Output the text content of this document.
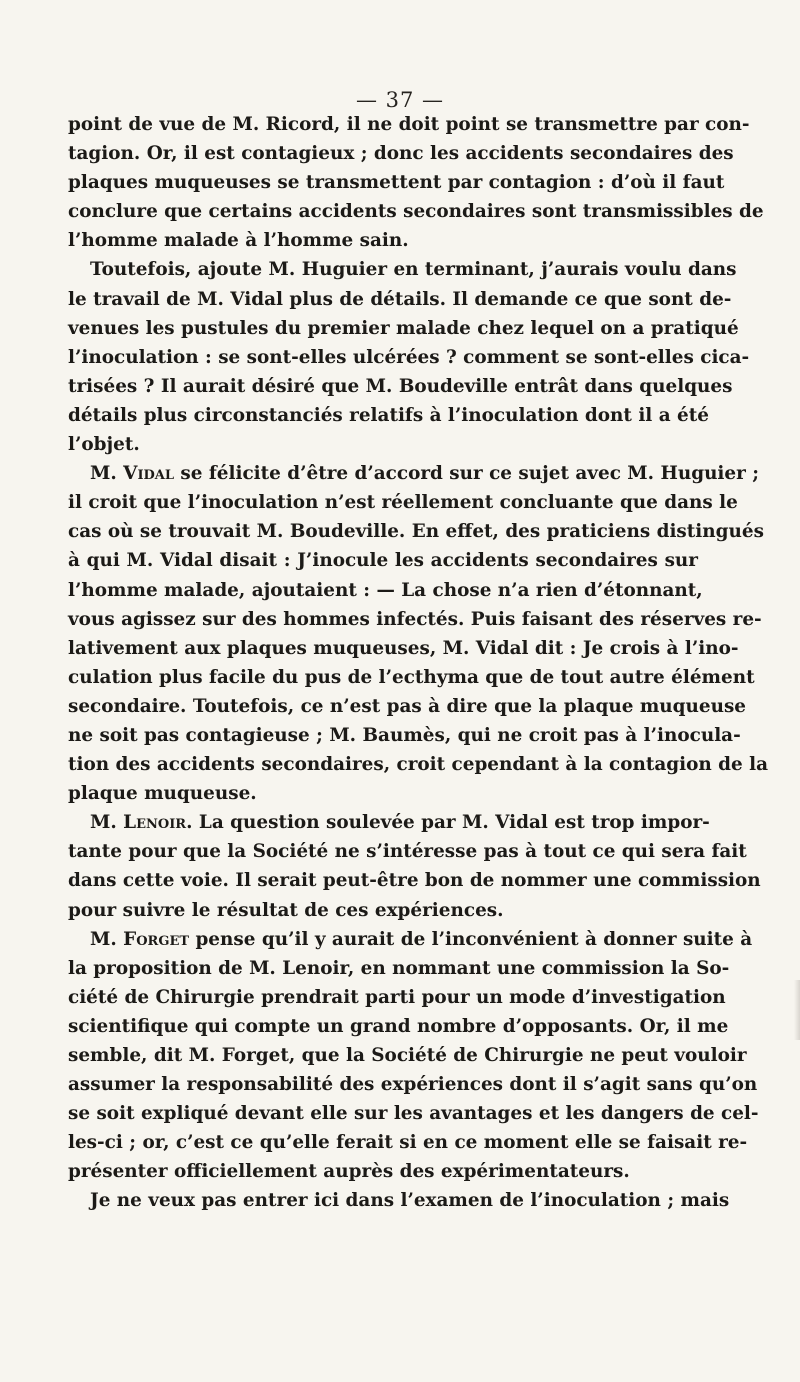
— 37 —
point de vue de M. Ricord, il ne doit point se transmettre par con-
tagion. Or, il est contagieux ; donc les accidents secondaires des
plaques muqueuses se transmettent par contagion : d’où il faut
conclure que certains accidents secondaires sont transmissibles de
l’homme malade à l’homme sain.
Toutefois, ajoute M. Huguier en terminant, j’aurais voulu dans
le travail de M. Vidal plus de détails. Il demande ce que sont de-
venues les pustules du premier malade chez lequel on a pratiqué
l’inoculation : se sont-elles ulcérées ? comment se sont-elles cica-
trisées ? Il aurait désiré que M. Boudeville entrât dans quelques
détails plus circonstanciés relatifs à l’inoculation dont il a été
l’objet.
M. Vidal se félicite d’être d’accord sur ce sujet avec M. Huguier ;
il croit que l’inoculation n’est réellement concluante que dans le
cas où se trouvait M. Boudeville. En effet, des praticiens distingués
à qui M. Vidal disait : J’inocule les accidents secondaires sur
l’homme malade, ajoutaient : — La chose n’a rien d’étonnant,
vous agissez sur des hommes infectés. Puis faisant des réserves re-
lativement aux plaques muqueuses, M. Vidal dit : Je crois à l’ino-
culation plus facile du pus de l’ecthyma que de tout autre élément
secondaire. Toutefois, ce n’est pas à dire que la plaque muqueuse
ne soit pas contagieuse ; M. Baumès, qui ne croit pas à l’inocula-
tion des accidents secondaires, croit cependant à la contagion de la
plaque muqueuse.
M. Lenoir. La question soulevée par M. Vidal est trop impor-
tante pour que la Société ne s’intéresse pas à tout ce qui sera fait
dans cette voie. Il serait peut-être bon de nommer une commission
pour suivre le résultat de ces expériences.
M. Forget pense qu’il y aurait de l’inconvénient à donner suite à
la proposition de M. Lenoir, en nommant une commission la So-
ciété de Chirurgie prendrait parti pour un mode d’investigation
scientifique qui compte un grand nombre d’opposants. Or, il me
semble, dit M. Forget, que la Société de Chirurgie ne peut vouloir
assumer la responsabilité des expériences dont il s’agit sans qu’on
se soit expliqué devant elle sur les avantages et les dangers de cel-
les-ci ; or, c’est ce qu’elle ferait si en ce moment elle se faisait re-
présenter officiellement auprès des expérimentateurs.
Je ne veux pas entrer ici dans l’examen de l’inoculation ; mais
